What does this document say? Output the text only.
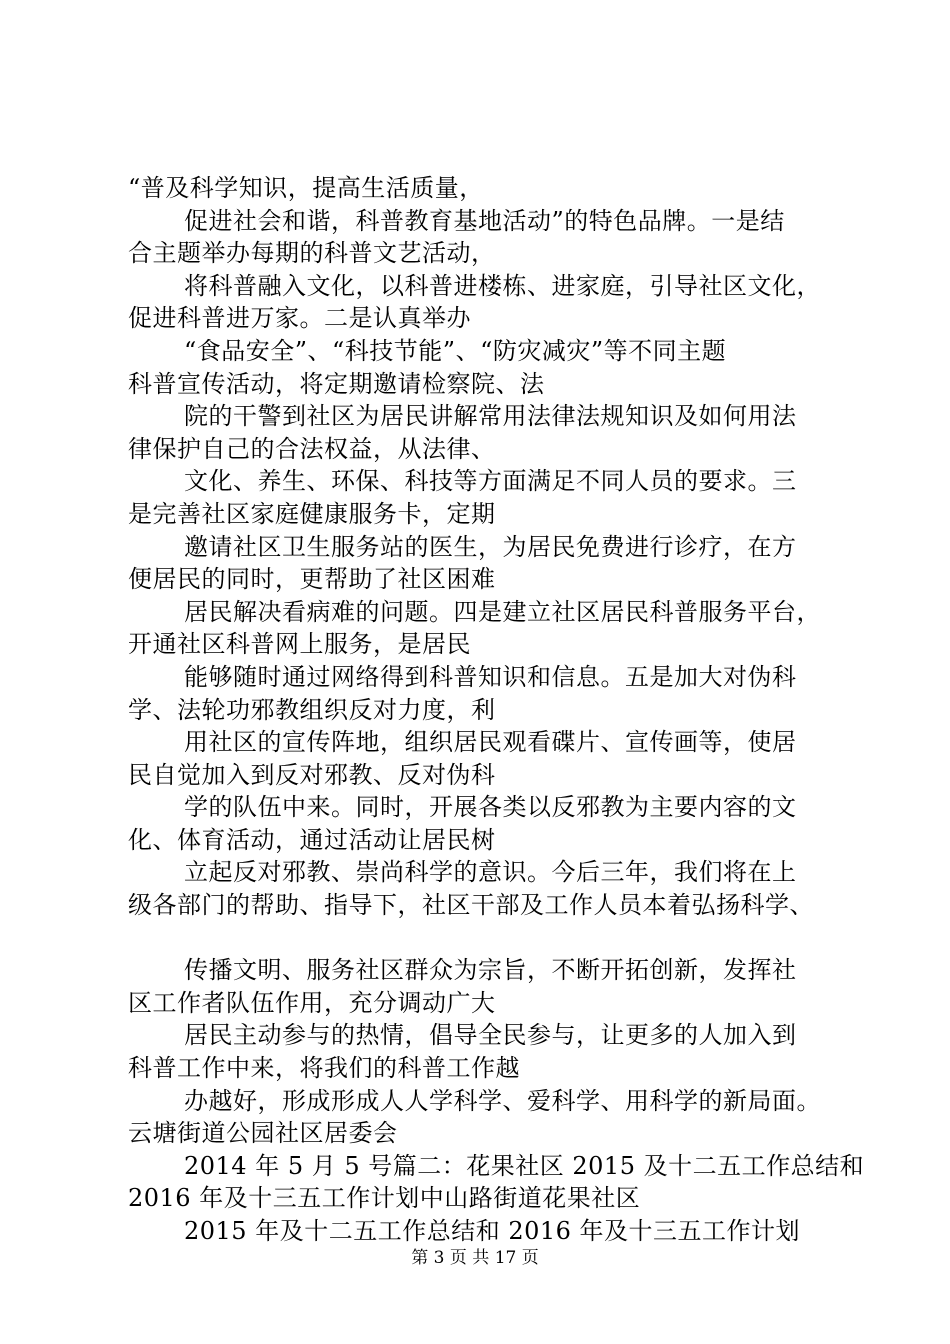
“普及科学知识，提高生活质量，
促进社会和谐，科普教育基地活动”的特色品牌。一是结
合主题举办每期的科普文艺活动，
将科普融入文化，以科普进楼栋、进家庭，引导社区文化，
促进科普进万家。二是认真举办
“食品安全”、“科技节能”、“防灾减灾”等不同主题
科普宣传活动，将定期邀请检察院、法
院的干警到社区为居民讲解常用法律法规知识及如何用法
律保护自己的合法权益，从法律、
文化、养生、环保、科技等方面满足不同人员的要求。三
是完善社区家庭健康服务卡，定期
邀请社区卫生服务站的医生，为居民免费进行诊疗，在方
便居民的同时，更帮助了社区困难
居民解决看病难的问题。四是建立社区居民科普服务平台，
开通社区科普网上服务，是居民
能够随时通过网络得到科普知识和信息。五是加大对伪科
学、法轮功邪教组织反对力度，利
用社区的宣传阵地，组织居民观看碟片、宣传画等，使居
民自觉加入到反对邪教、反对伪科
学的队伍中来。同时，开展各类以反邪教为主要内容的文
化、体育活动，通过活动让居民树
立起反对邪教、崇尚科学的意识。今后三年，我们将在上
级各部门的帮助、指导下，社区干部及工作人员本着弘扬科学、
传播文明、服务社区群众为宗旨，不断开拓创新，发挥社
区工作者队伍作用，充分调动广大
居民主动参与的热情，倡导全民参与，让更多的人加入到
科普工作中来，将我们的科普工作越
办越好，形成形成人人学科学、爱科学、用科学的新局面。
云塘街道公园社区居委会
2014 年 5 月 5 号篇二：花果社区 2015 及十二五工作总结和
2016 年及十三五工作计划中山路街道花果社区
2015 年及十二五工作总结和 2016 年及十三五工作计划
第 3 页 共 17 页
